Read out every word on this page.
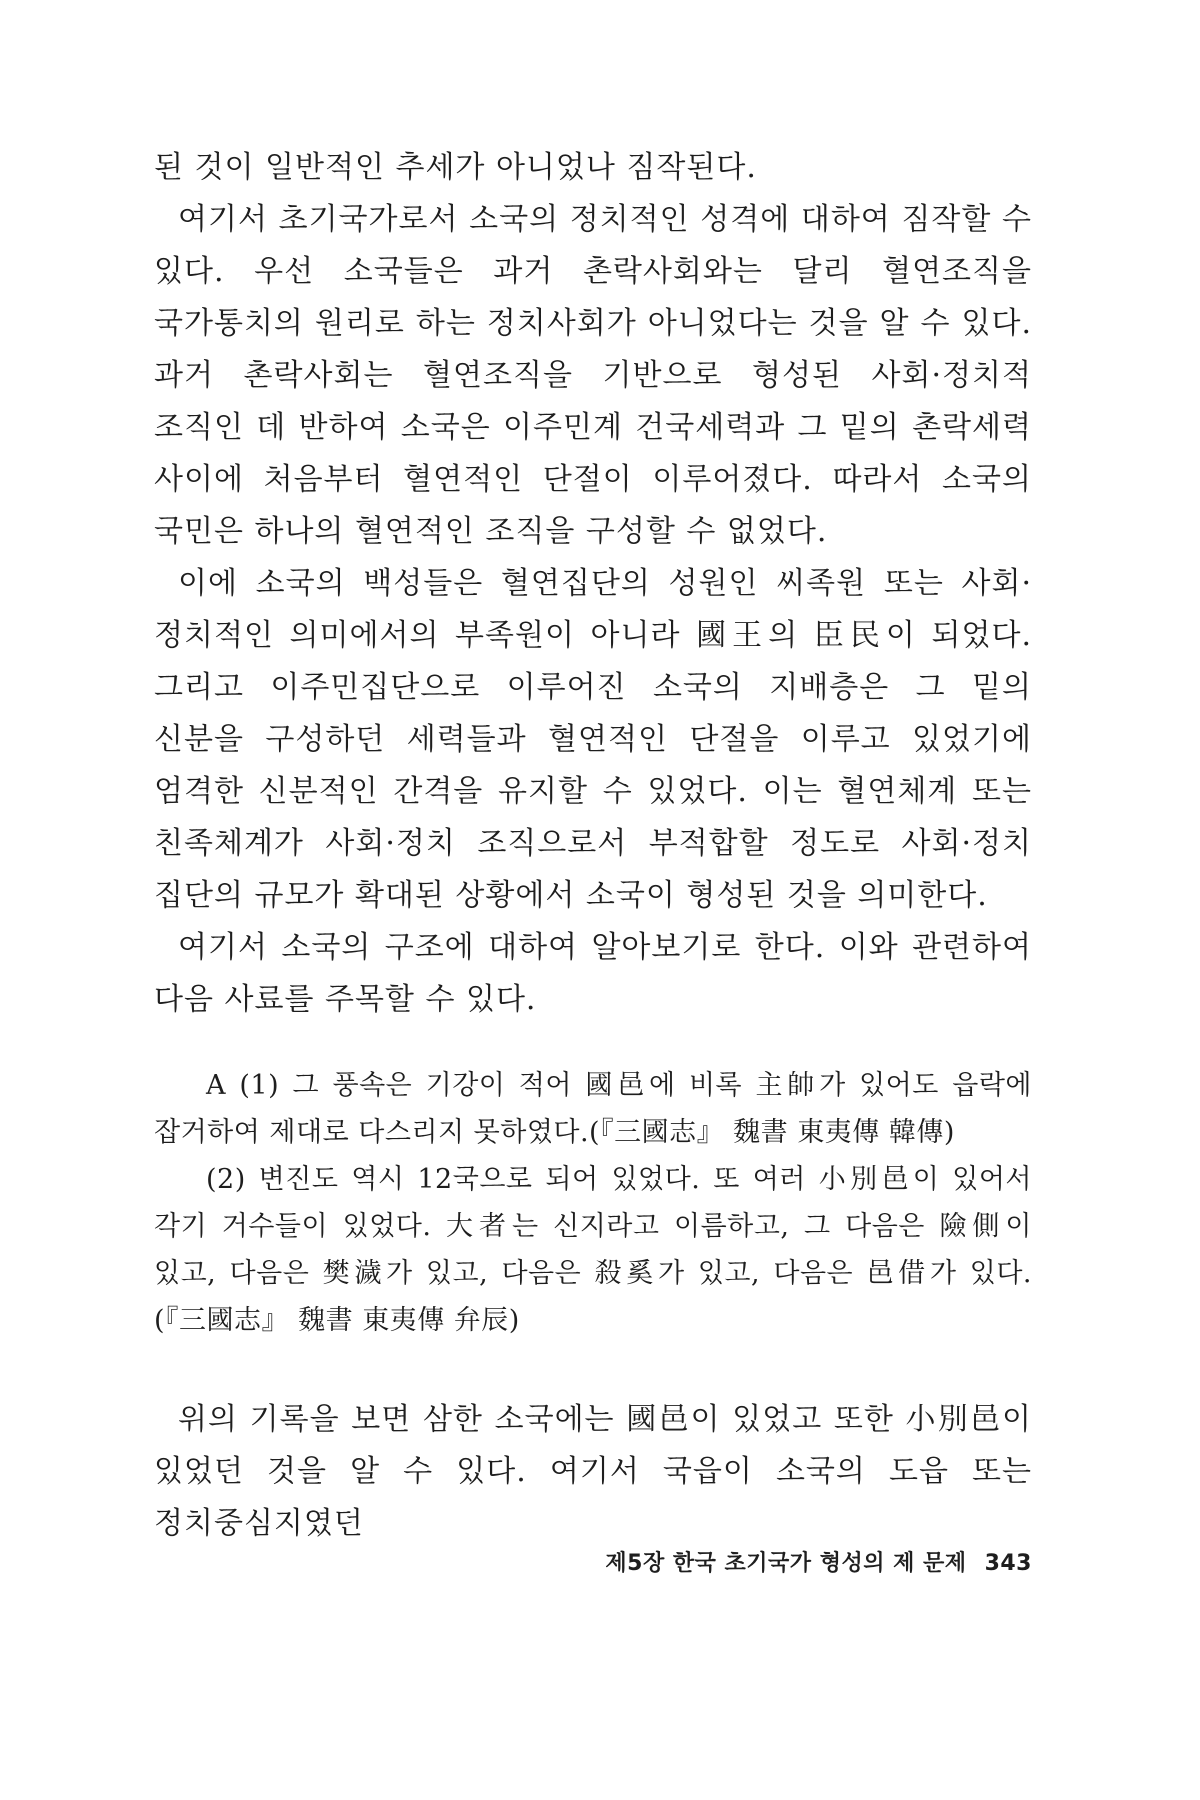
된 것이 일반적인 추세가 아니었나 짐작된다.

여기서 초기국가로서 소국의 정치적인 성격에 대하여 짐작할 수 있다. 우선 소국들은 과거 촌락사회와는 달리 혈연조직을 국가통치의 원리로 하는 정치사회가 아니었다는 것을 알 수 있다. 과거 촌락사회는 혈연조직을 기반으로 형성된 사회·정치적 조직인 데 반하여 소국은 이주민계 건국세력과 그 밑의 촌락세력 사이에 처음부터 혈연적인 단절이 이루어졌다. 따라서 소국의 국민은 하나의 혈연적인 조직을 구성할 수 없었다.

이에 소국의 백성들은 혈연집단의 성원인 씨족원 또는 사회·정치적인 의미에서의 부족원이 아니라 國王의 臣民이 되었다. 그리고 이주민집단으로 이루어진 소국의 지배층은 그 밑의 신분을 구성하던 세력들과 혈연적인 단절을 이루고 있었기에 엄격한 신분적인 간격을 유지할 수 있었다. 이는 혈연체계 또는 친족체계가 사회·정치 조직으로서 부적합할 정도로 사회·정치 집단의 규모가 확대된 상황에서 소국이 형성된 것을 의미한다.

여기서 소국의 구조에 대하여 알아보기로 한다. 이와 관련하여 다음 사료를 주목할 수 있다.

A (1) 그 풍속은 기강이 적어 國邑에 비록 主帥가 있어도 읍락에 잡거하여 제대로 다스리지 못하였다.(『三國志』 魏書 東夷傳 韓傳)

(2) 변진도 역시 12국으로 되어 있었다. 또 여러 小別邑이 있어서 각기 거수들이 있었다. 大者는 신지라고 이름하고, 그 다음은 險側이 있고, 다음은 樊濊가 있고, 다음은 殺奚가 있고, 다음은 邑借가 있다.(『三國志』 魏書 東夷傳 弁辰)

위의 기록을 보면 삼한 소국에는 國邑이 있었고 또한 小別邑이 있었던 것을 알 수 있다. 여기서 국읍이 소국의 도읍 또는 정치중심지였던

제5장 한국 초기국가 형성의 제 문제 343
